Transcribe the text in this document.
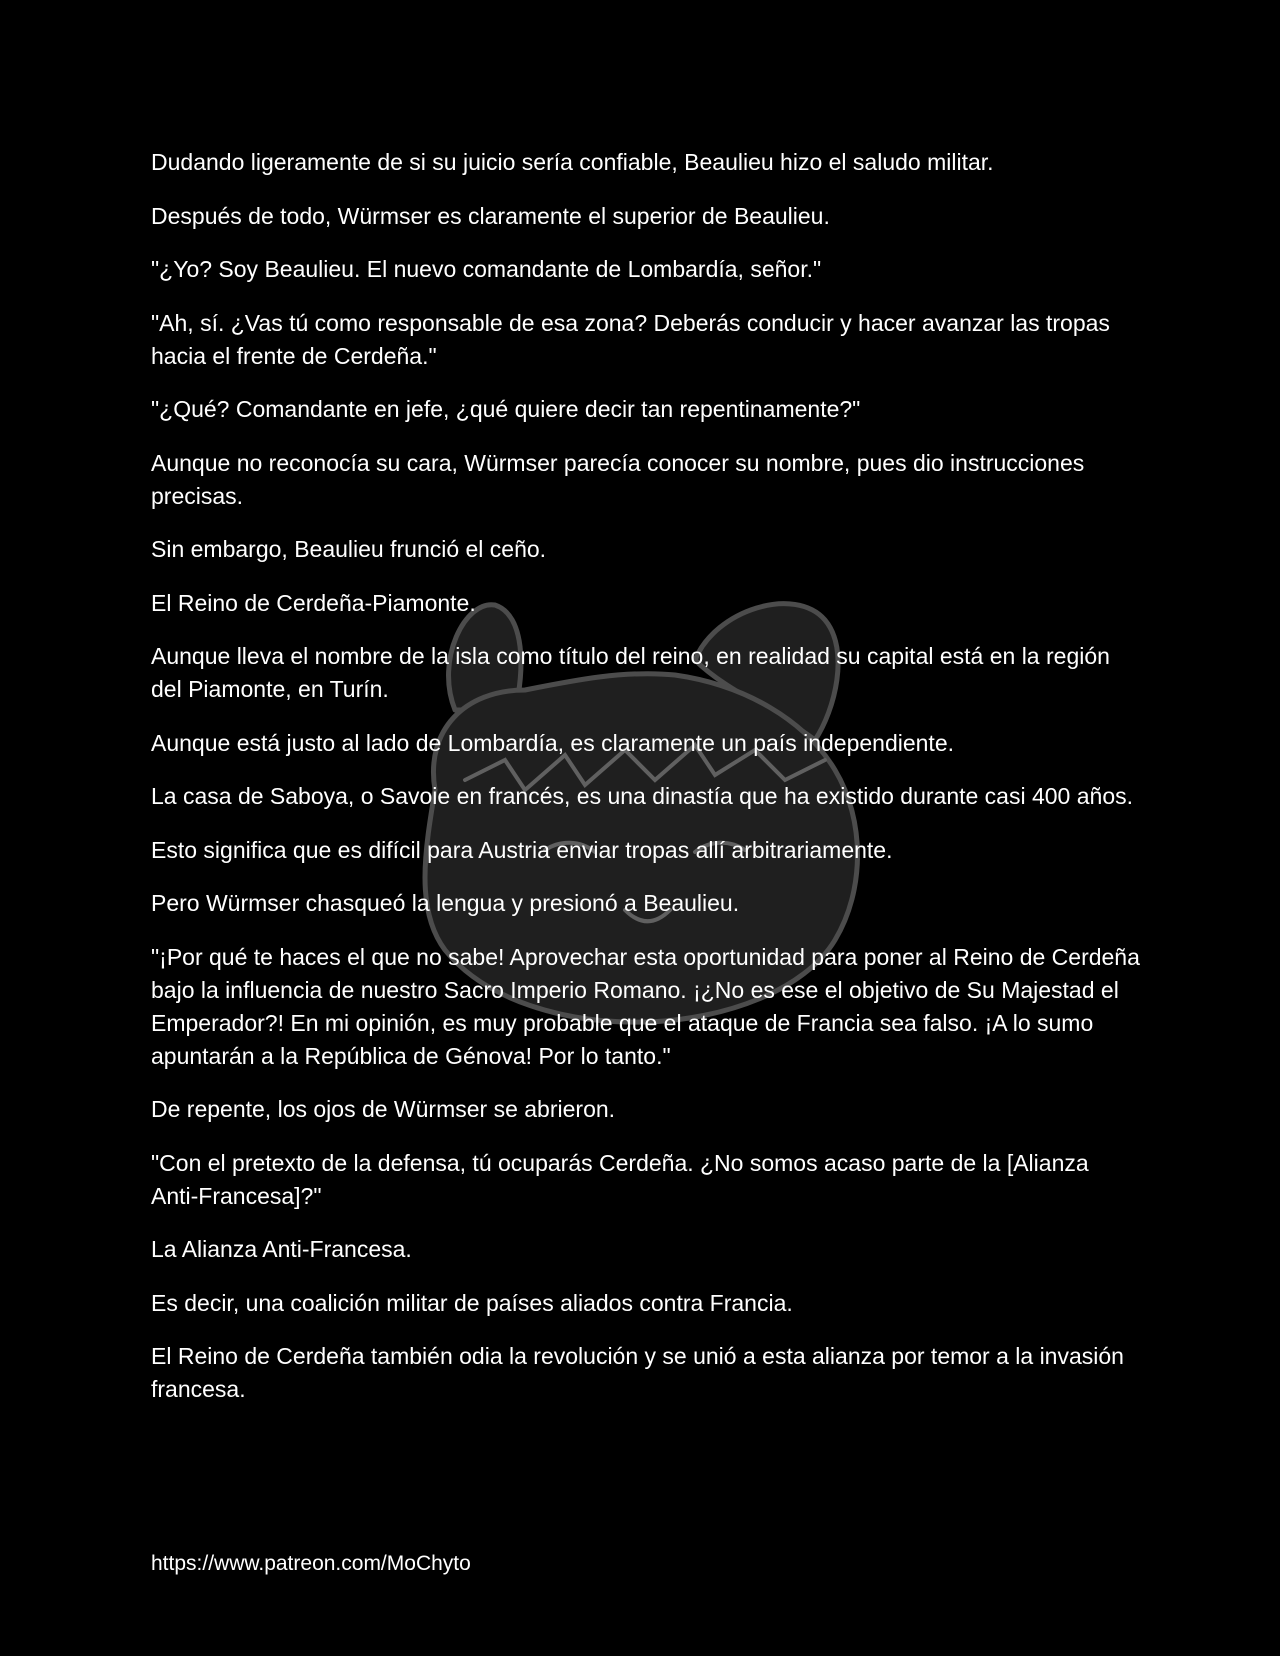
Dudando ligeramente de si su juicio sería confiable, Beaulieu hizo el saludo militar.

Después de todo, Würmser es claramente el superior de Beaulieu.

"¿Yo? Soy Beaulieu. El nuevo comandante de Lombardía, señor."

"Ah, sí. ¿Vas tú como responsable de esa zona? Deberás conducir y hacer avanzar las tropas hacia el frente de Cerdeña."

"¿Qué? Comandante en jefe, ¿qué quiere decir tan repentinamente?"

Aunque no reconocía su cara, Würmser parecía conocer su nombre, pues dio instrucciones precisas.

Sin embargo, Beaulieu frunció el ceño.

El Reino de Cerdeña-Piamonte.

Aunque lleva el nombre de la isla como título del reino, en realidad su capital está en la región del Piamonte, en Turín.

Aunque está justo al lado de Lombardía, es claramente un país independiente.

La casa de Saboya, o Savoie en francés, es una dinastía que ha existido durante casi 400 años.

Esto significa que es difícil para Austria enviar tropas allí arbitrariamente.

Pero Würmser chasqueó la lengua y presionó a Beaulieu.

"¡Por qué te haces el que no sabe! Aprovechar esta oportunidad para poner al Reino de Cerdeña bajo la influencia de nuestro Sacro Imperio Romano. ¡¿No es ese el objetivo de Su Majestad el Emperador?! En mi opinión, es muy probable que el ataque de Francia sea falso. ¡A lo sumo apuntarán a la República de Génova! Por lo tanto."

De repente, los ojos de Würmser se abrieron.

"Con el pretexto de la defensa, tú ocuparás Cerdeña. ¿No somos acaso parte de la [Alianza Anti-Francesa]?"

La Alianza Anti-Francesa.

Es decir, una coalición militar de países aliados contra Francia.

El Reino de Cerdeña también odia la revolución y se unió a esta alianza por temor a la invasión francesa.

https://www.patreon.com/MoChyto
